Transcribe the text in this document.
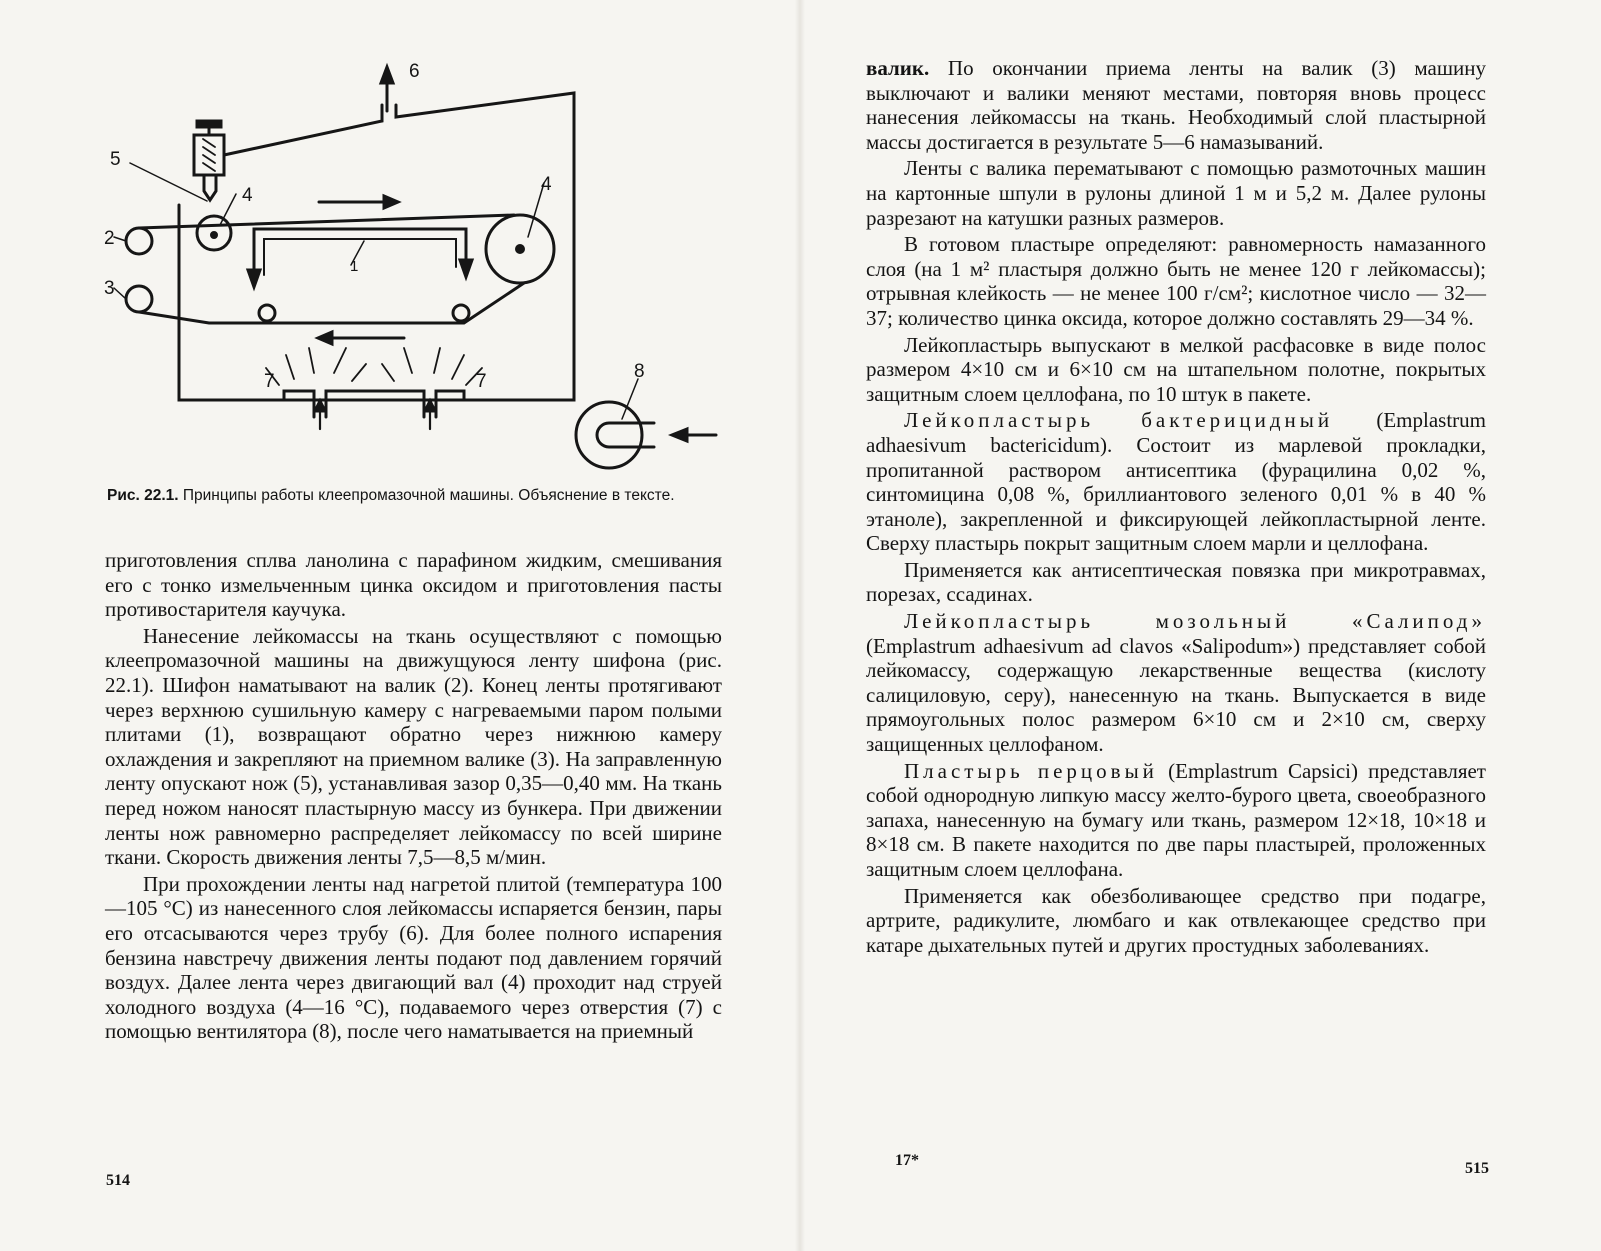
1
2
3
4
4
5
6
7	7	8

Рис. 22.1. Принципы работы клеепромазочной машины. Объяснение в тексте.

приготовления сплва ланолина с парафином жидким, смешивания его с тонко измельченным цинка оксидом и приготовления пасты противостарителя каучука.

Нанесение лейкомассы на ткань осуществляют с помощью клеепромазочной машины на движущуюся ленту шифона (рис. 22.1). Шифон наматывают на валик (2). Конец ленты протягивают через верхнюю сушильную камеру с нагреваемыми паром полыми плитами (1), возвращают обратно через нижнюю камеру охлаждения и закрепляют на приемном валике (3). На заправленную ленту опускают нож (5), устанавливая зазор 0,35—0,40 мм. На ткань перед ножом наносят пластырную массу из бункера. При движении ленты нож равномерно распределяет лейкомассу по всей ширине ткани. Скорость движения ленты 7,5—8,5 м/мин.

При прохождении ленты над нагретой плитой (температура 100—105 °С) из нанесенного слоя лейкомассы испаряется бензин, пары его отсасываются через трубу (6). Для более полного испарения бензина навстречу движения ленты подают под давлением горячий воздух. Далее лента через двигающий вал (4) проходит над струей холодного воздуха (4—16 °С), подаваемого через отверстия (7) с помощью вентилятора (8), после чего наматывается на приемный

514

валик. По окончании приема ленты на валик (3) машину выключают и валики меняют местами, повторяя вновь процесс нанесения лейкомассы на ткань. Необходимый слой пластырной массы достигается в результате 5—6 намазываний.

Ленты с валика перематывают с помощью размоточных машин на картонные шпули в рулоны длиной 1 м и 5,2 м. Далее рулоны разрезают на катушки разных размеров.

В готовом пластыре определяют: равномерность намазанного слоя (на 1 м² пластыря должно быть не менее 120 г лейкомассы); отрывная клейкость — не менее 100 г/см²; кислотное число — 32—37; количество цинка оксида, которое должно составлять 29—34 %.

Лейкопластырь выпускают в мелкой расфасовке в виде полос размером 4×10 см и 6×10 см на штапельном полотне, покрытых защитным слоем целлофана, по 10 штук в пакете.

Лейкопластырь бактерицидный (Emplastrum adhaesivum bactericidum). Состоит из марлевой прокладки, пропитанной раствором антисептика (фурацилина 0,02 %, синтомицина 0,08 %, бриллиантового зеленого 0,01 % в 40 % этаноле), закрепленной и фиксирующей лейкопластырной ленте. Сверху пластырь покрыт защитным слоем марли и целлофана.

Применяется как антисептическая повязка при микротравмах, порезах, ссадинах.

Лейкопластырь мозольный «Салипод» (Emplastrum adhaesivum ad clavos «Salipodum») представляет собой лейкомассу, содержащую лекарственные вещества (кислоту салициловую, серу), нанесенную на ткань. Выпускается в виде прямоугольных полос размером 6×10 см и 2×10 см, сверху защищенных целлофаном.

Пластырь перцовый (Emplastrum Capsici) представляет собой однородную липкую массу желто-бурого цвета, своеобразного запаха, нанесенную на бумагу или ткань, размером 12×18, 10×18 и 8×18 см. В пакете находится по две пары пластырей, проложенных защитным слоем целлофана.

Применяется как обезболивающее средство при подагре, артрите, радикулите, люмбаго и как отвлекающее средство при катаре дыхательных путей и других простудных заболеваниях.

17*	515
